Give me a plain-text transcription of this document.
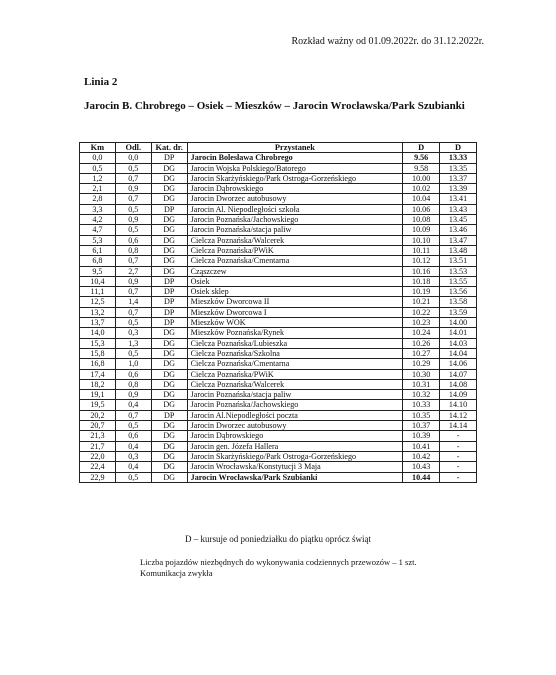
Rozkład ważny od 01.09.2022r. do 31.12.2022r.
Linia 2
Jarocin B. Chrobrego – Osiek – Mieszków – Jarocin Wrocławska/Park Szubianki
Km	Odl.	Kat. dr.	Przystanek	D	D
0,0	0,0	DP	Jarocin Bolesława Chrobrego	9.56	13.33
0,5	0,5	DG	Jarocin Wojska Polskiego/Batorego	9.58	13.35
1,2	0,7	DG	Jarocin Skarżyńskiego/Park Ostroga-Gorzeńskiego	10.00	13.37
2,1	0,9	DG	Jarocin Dąbrowskiego	10.02	13.39
2,8	0,7	DG	Jarocin Dworzec autobusowy	10.04	13.41
3,3	0,5	DP	Jarocin Al. Niepodległości szkoła	10.06	13.43
4,2	0,9	DG	Jarocin Poznańska/Jachowskiego	10.08	13.45
4,7	0,5	DG	Jarocin Poznańska/stacja paliw	10.09	13.46
5,3	0,6	DG	Cielcza Poznańska/Walcerek	10.10	13.47
6,1	0,8	DG	Cielcza Poznańska/PWiK	10.11	13.48
6,8	0,7	DG	Cielcza Poznańska/Cmentarna	10.12	13.51
9,5	2,7	DG	Cząszczew	10.16	13.53
10,4	0,9	DP	Osiek	10.18	13.55
11,1	0,7	DP	Osiek sklep	10.19	13.56
12,5	1,4	DP	Mieszków Dworcowa II	10.21	13.58
13,2	0,7	DP	Mieszków Dworcowa I	10.22	13.59
13,7	0,5	DP	Mieszków WOK	10.23	14.00
14,0	0,3	DG	Mieszków Poznańska/Rynek	10.24	14.01
15,3	1,3	DG	Cielcza Poznańska/Lubieszka	10.26	14.03
15,8	0,5	DG	Cielcza Poznańska/Szkolna	10.27	14.04
16,8	1,0	DG	Cielcza Poznańska/Cmentarna	10.29	14.06
17,4	0,6	DG	Cielcza Poznańska/PWiK	10.30	14.07
18,2	0,8	DG	Cielcza Poznańska/Walcerek	10.31	14.08
19,1	0,9	DG	Jarocin Poznańska/stacja paliw	10.32	14.09
19,5	0,4	DG	Jarocin Poznańska/Jachowskiego	10.33	14.10
20,2	0,7	DP	Jarocin Al.Niepodległości poczta	10.35	14.12
20,7	0,5	DG	Jarocin Dworzec autobusowy	10.37	14.14
21,3	0,6	DG	Jarocin Dąbrowskiego	10.39	-
21,7	0,4	DG	Jarocin gen. Józefa Hallera	10.41	-
22,0	0,3	DG	Jarocin Skarżyńskiego/Park Ostroga-Gorzeńskiego	10.42	-
22,4	0,4	DG	Jarocin Wrocławska/Konstytucji 3 Maja	10.43	-
22,9	0,5	DG	Jarocin Wrocławska/Park Szubianki	10.44	-
D – kursuje od poniedziałku do piątku oprócz świąt
Liczba pojazdów niezbędnych do wykonywania codziennych przewozów – 1 szt.
Komunikacja zwykła
